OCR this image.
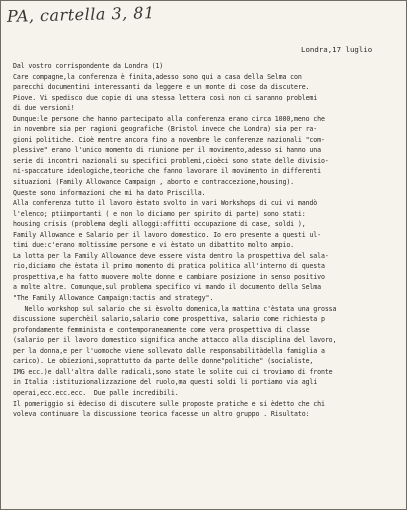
PA, cartella 3, 81
Londra,17 luglio
Dal vostro corrispondente da Londra (1)
Care compagne,la conferenza è finita,adesso sono qui a casa della Selma con
parecchi documentini interessanti da leggere e un monte di cose da discutere.
Piove. Vi spedisco due copie di una stessa lettera così non ci saranno problemi
di due versioni!
Dunque:le persone che hanno partecipato alla conferenza erano circa 1000,meno che
in novembre sia per ragioni geografiche (Bristol invece che Londra) sia per ra-
gioni politiche. Cioè mentre ancora fino a novembre le conferenze nazionali "com-
plessive" erano l'unico momento di riunione per il movimento,adesso si hanno una
serie di incontri nazionali su specifici problemi,cioèci sono state delle divisio-
ni-spaccature ideologiche,teoriche che fanno lavorare il movimento in differenti
situazioni (Family Allowance Campaign , aborto e contraccezione,housing).
Queste sono informazioni che mi ha dato Priscilla.
Alla conferenza tutto il lavoro èstato svolto in vari Workshops di cui vi mandò
l'elenco; ptiimportanti ( e non lo diciamo per spirito di parte) sono stati:
housing crisis (problema degli alloggi:affitti occupazione di case, soldi ),
Family Allowance e Salario per il lavoro domestico. Io ero presente a questi ul-
timi due:c'erano moltissime persone e vi èstato un dibattito molto ampio.
La lotta per la Family Allowance deve essere vista dentro la prospettiva del sala-
rio,diciamo che èstata il primo momento di pratica politica all'interno di questa
prospettiva,e ha fatto muovere molte donne e cambiare posizione in senso positivo
a molte altre. Comunque,sul problema specifico vi mando il documento della Selma
"The Family Allowance Campaign:tactis and strategy".
Nello workshop sul salario che si èsvolto domenica,la mattina c'èstata una grossa
discussione superchèil salario,salario come prospettiva, salario come richiesta p
profondamente femminista e contemporaneamente come vera prospettiva di classe
(salario per il lavoro domestico significa anche attacco alla disciplina del lavoro,
per la donna,e per l'uomoche viene sollevato dalle responsabilitàdella famiglia a
carico). Le obiezioni,soprattutto da parte delle donne"politiche" (socialiste,
IMG ecc.)e dall'altra dalle radicali,sono state le solite cui ci troviamo di fronte
in Italia :istituzionalizzazione del ruolo,ma questi soldi li portiamo via agli
operai,ecc.ecc.ecc.  Due palle incredibili.
Il pomeriggio si èdeciso di discutere sulle proposte pratiche e si èdetto che chi
voleva continuare la discussione teorica facesse un altro gruppo . Risultato:
